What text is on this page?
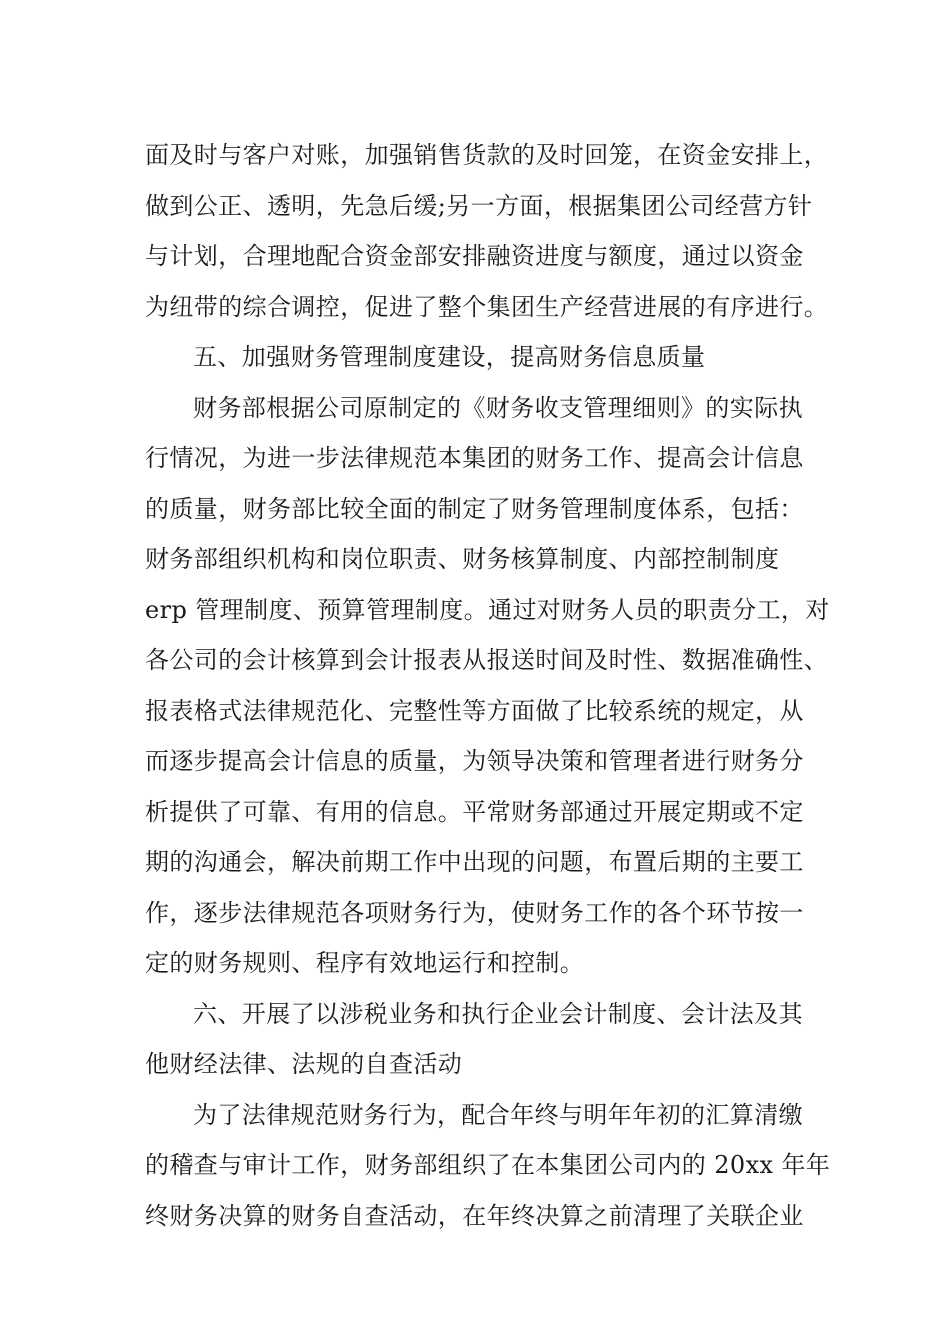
面及时与客户对账，加强销售货款的及时回笼，在资金安排上，
做到公正、透明，先急后缓;另一方面，根据集团公司经营方针
与计划，合理地配合资金部安排融资进度与额度，通过以资金
为纽带的综合调控，促进了整个集团生产经营进展的有序进行。
五、加强财务管理制度建设，提高财务信息质量
财务部根据公司原制定的《财务收支管理细则》的实际执
行情况，为进一步法律规范本集团的财务工作、提高会计信息
的质量，财务部比较全面的制定了财务管理制度体系，包括：
财务部组织机构和岗位职责、财务核算制度、内部控制制度
erp 管理制度、预算管理制度。通过对财务人员的职责分工，对
各公司的会计核算到会计报表从报送时间及时性、数据准确性、
报表格式法律规范化、完整性等方面做了比较系统的规定，从
而逐步提高会计信息的质量，为领导决策和管理者进行财务分
析提供了可靠、有用的信息。平常财务部通过开展定期或不定
期的沟通会，解决前期工作中出现的问题，布置后期的主要工
作，逐步法律规范各项财务行为，使财务工作的各个环节按一
定的财务规则、程序有效地运行和控制。
六、开展了以涉税业务和执行企业会计制度、会计法及其
他财经法律、法规的自查活动
为了法律规范财务行为，配合年终与明年年初的汇算清缴
的稽查与审计工作，财务部组织了在本集团公司内的 20xx 年年
终财务决算的财务自查活动，在年终决算之前清理了关联企业
